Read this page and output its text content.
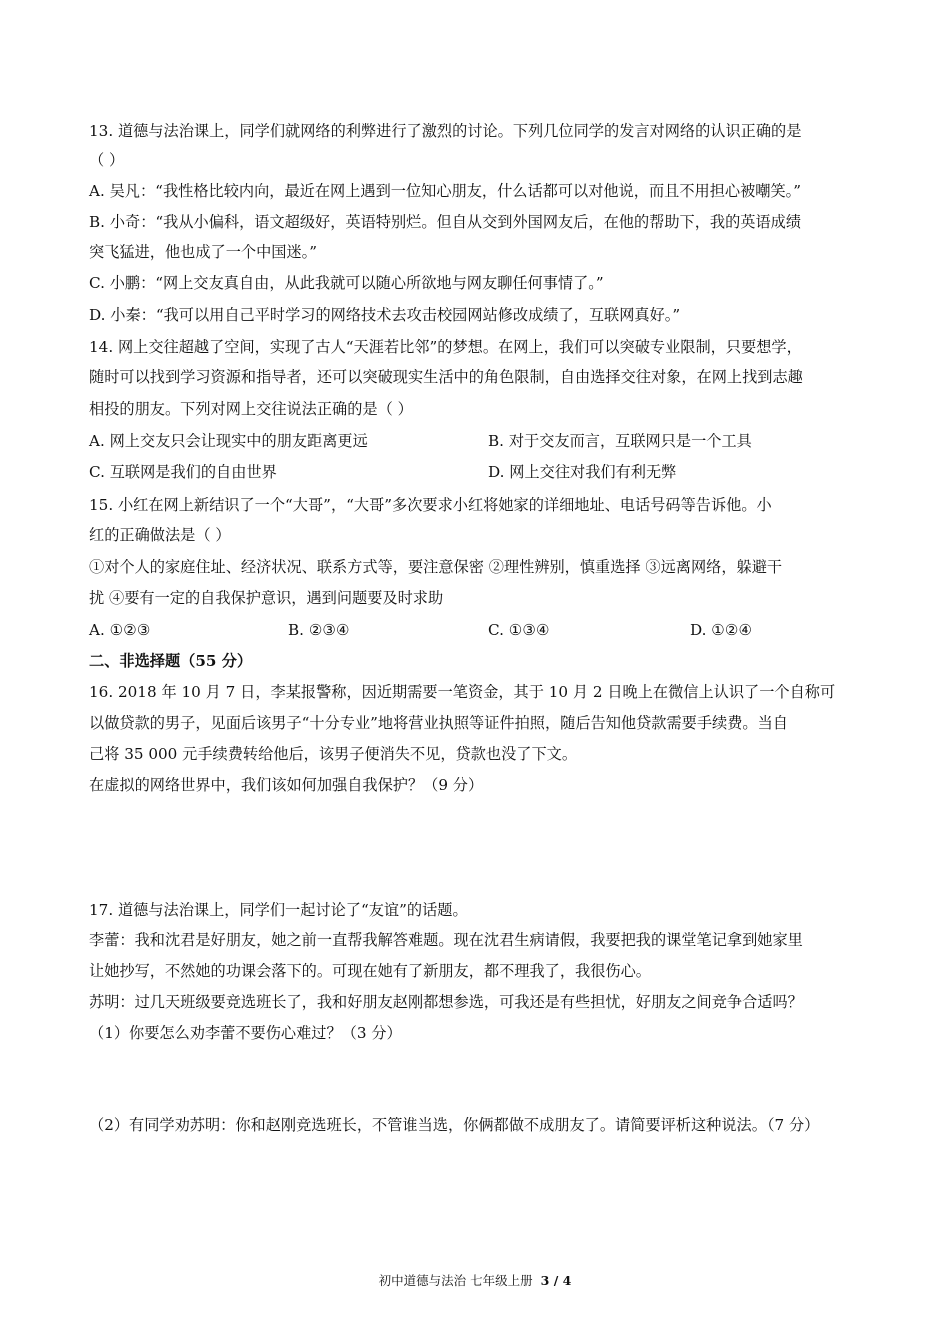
13. 道德与法治课上，同学们就网络的利弊进行了激烈的讨论。下列几位同学的发言对网络的认识正确的是
（ ）
A. 吴凡：“我性格比较内向，最近在网上遇到一位知心朋友，什么话都可以对他说，而且不用担心被嘲笑。”
B. 小奇：“我从小偏科，语文超级好，英语特别烂。但自从交到外国网友后，在他的帮助下，我的英语成绩
突飞猛进，他也成了一个中国迷。”
C. 小鹏：“网上交友真自由，从此我就可以随心所欲地与网友聊任何事情了。”
D. 小秦：“我可以用自己平时学习的网络技术去攻击校园网站修改成绩了，互联网真好。”
14. 网上交往超越了空间，实现了古人“天涯若比邻”的梦想。在网上，我们可以突破专业限制，只要想学，
随时可以找到学习资源和指导者，还可以突破现实生活中的角色限制，自由选择交往对象，在网上找到志趣
相投的朋友。下列对网上交往说法正确的是（ ）
A. 网上交友只会让现实中的朋友距离更远	B. 对于交友而言，互联网只是一个工具
C. 互联网是我们的自由世界	D. 网上交往对我们有利无弊
15. 小红在网上新结识了一个“大哥”，“大哥”多次要求小红将她家的详细地址、电话号码等告诉他。小
红的正确做法是（ ）
①对个人的家庭住址、经济状况、联系方式等，要注意保密 ②理性辨别，慎重选择 ③远离网络，躲避干
扰 ④要有一定的自我保护意识，遇到问题要及时求助
A. ①②③	B. ②③④	C. ①③④	D. ①②④
二、非选择题（55 分）
16. 2018 年 10 月 7 日，李某报警称，因近期需要一笔资金，其于 10 月 2 日晚上在微信上认识了一个自称可
以做贷款的男子，见面后该男子“十分专业”地将营业执照等证件拍照，随后告知他贷款需要手续费。当自
己将 35 000 元手续费转给他后，该男子便消失不见，贷款也没了下文。
在虚拟的网络世界中，我们该如何加强自我保护？（9 分）
17. 道德与法治课上，同学们一起讨论了“友谊”的话题。
李蕾：我和沈君是好朋友，她之前一直帮我解答难题。现在沈君生病请假，我要把我的课堂笔记拿到她家里
让她抄写，不然她的功课会落下的。可现在她有了新朋友，都不理我了，我很伤心。
苏明：过几天班级要竞选班长了，我和好朋友赵刚都想参选，可我还是有些担忧，好朋友之间竞争合适吗？
（1）你要怎么劝李蕾不要伤心难过？（3 分）
（2）有同学劝苏明：你和赵刚竞选班长，不管谁当选，你俩都做不成朋友了。请简要评析这种说法。（7 分）
初中道德与法治 七年级上册 3 / 4
